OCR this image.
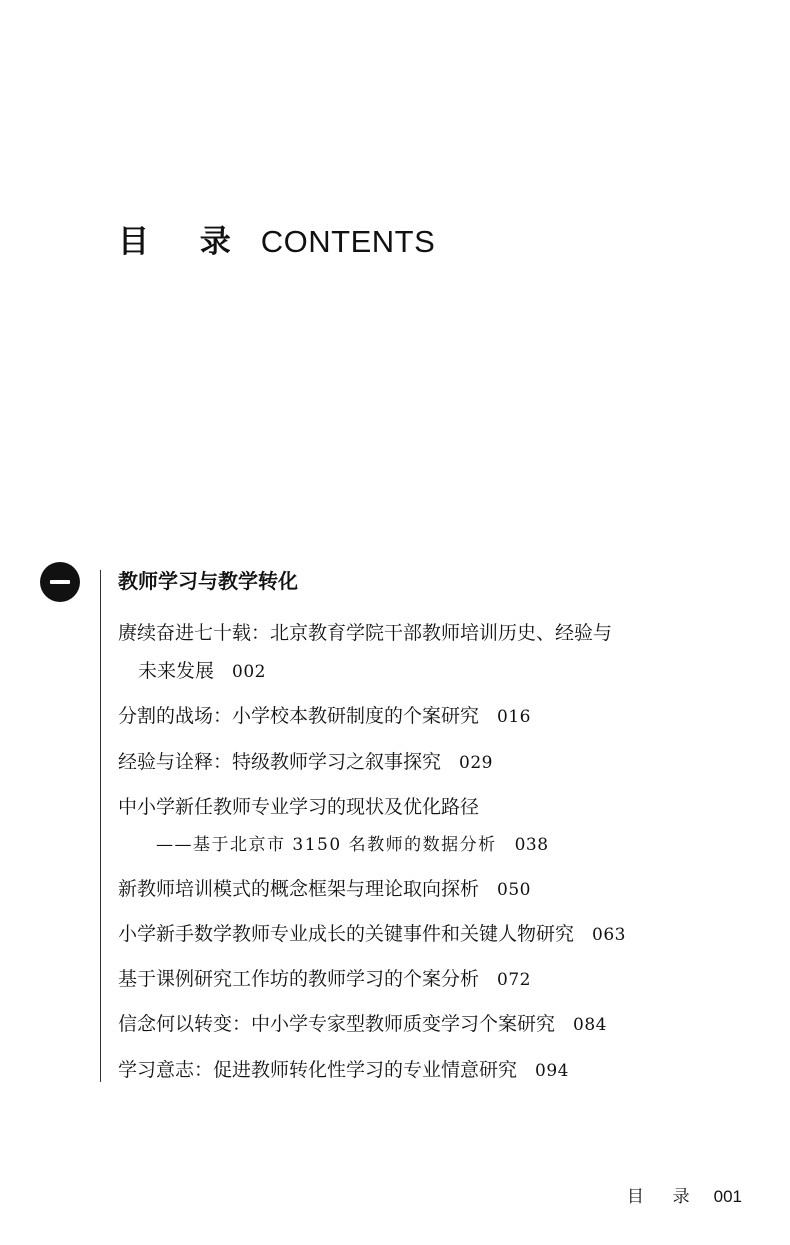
目 录 CONTENTS
教师学习与教学转化

赓续奋进七十载：北京教育学院干部教师培训历史、经验与
未来发展 002

分割的战场：小学校本教研制度的个案研究 016

经验与诠释：特级教师学习之叙事探究 029

中小学新任教师专业学习的现状及优化路径
——基于北京市 3150 名教师的数据分析 038

新教师培训模式的概念框架与理论取向探析 050

小学新手数学教师专业成长的关键事件和关键人物研究 063

基于课例研究工作坊的教师学习的个案分析 072

信念何以转变：中小学专家型教师质变学习个案研究 084

学习意志：促进教师转化性学习的专业情意研究 094

目 录 001
